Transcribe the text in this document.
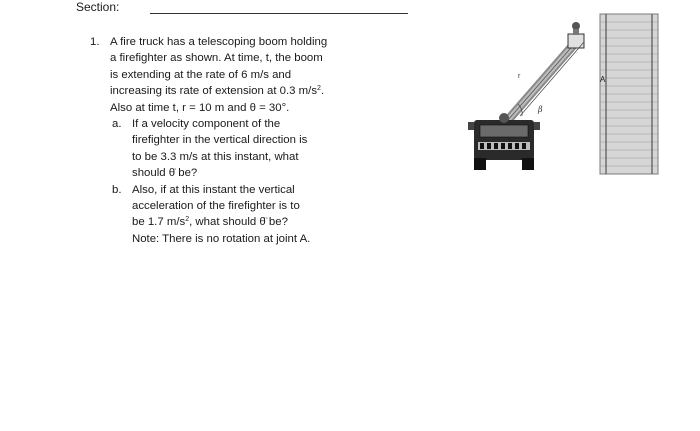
Section:
1. A fire truck has a telescoping boom holding
a firefighter as shown. At time, t, the boom
is extending at the rate of 6 m/s and
increasing its rate of extension at 0.3 $m/s^2$.
Also at time t, r = 10 m and θ = 30°.
a. If a velocity component of the
firefighter in the vertical direction is
to be 3.3 m/s at this instant, what
should θ̇ be?
b. Also, if at this instant the vertical
acceleration of the firefighter is to
be 1.7 $m/s^2$, what should θ̈ be?
Note: There is no rotation at joint A.
r	A
β
